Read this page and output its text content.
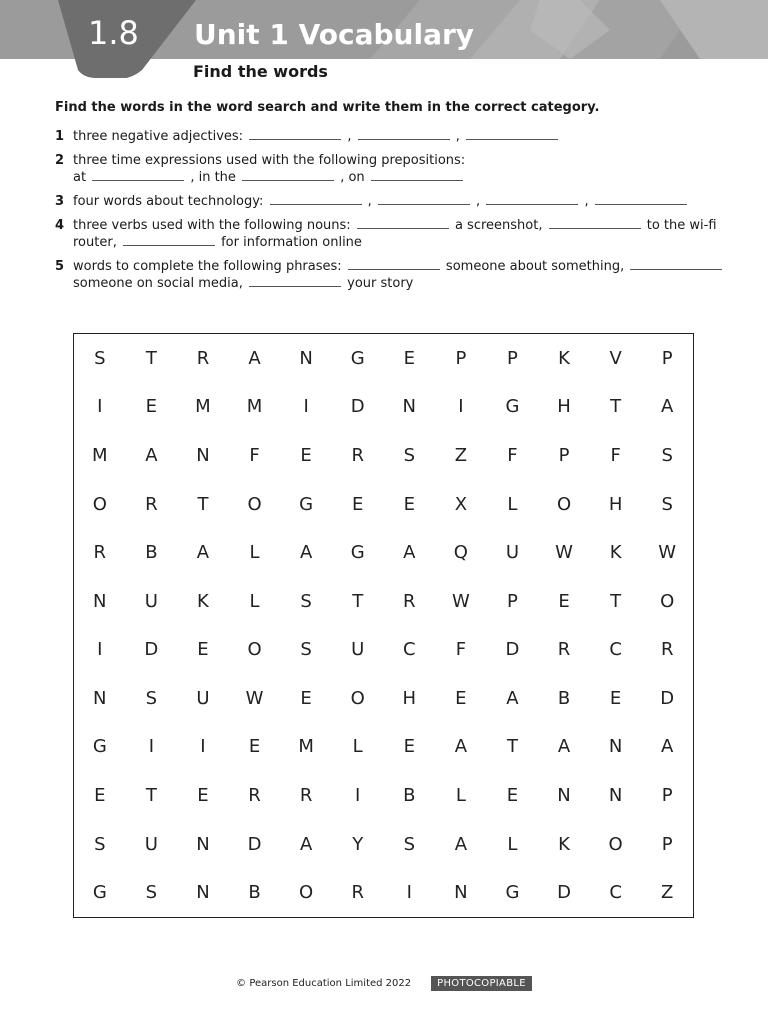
1.8 Unit 1 Vocabulary
Find the words
Find the words in the word search and write them in the correct category.
1 three negative adjectives:	,	,
2 three time expressions used with the following prepositions:
at	, in the	, on
3 four words about technology:	,	,	,
4 three verbs used with the following nouns:	a screenshot,	to the wi-fi router,	for information online
5 words to complete the following phrases:	someone about something,  someone on social media,	your story
S	T	R	A	N	G	E	P	P	K	V	P
I	E	M	M	I	D	N	I	G	H	T	A
M	A	N	F	E	R	S	Z	F	P	F	S
O	R	T	O	G	E	E	X	L	O	H	S
R	B	A	L	A	G	A	Q	U	W	K	W
N	U	K	L	S	T	R	W	P	E	T	O
I	D	E	O	S	U	C	F	D	R	C	R
N	S	U	W	E	O	H	E	A	B	E	D
G	I	I	E	M	L	E	A	T	A	N	A
E	T	E	R	R	I	B	L	E	N	N	P
S	U	N	D	A	Y	S	A	L	K	O	P
G	S	N	B	O	R	I	N	G	D	C	Z
© Pearson Education Limited 2022	PHOTOCOPIABLE
